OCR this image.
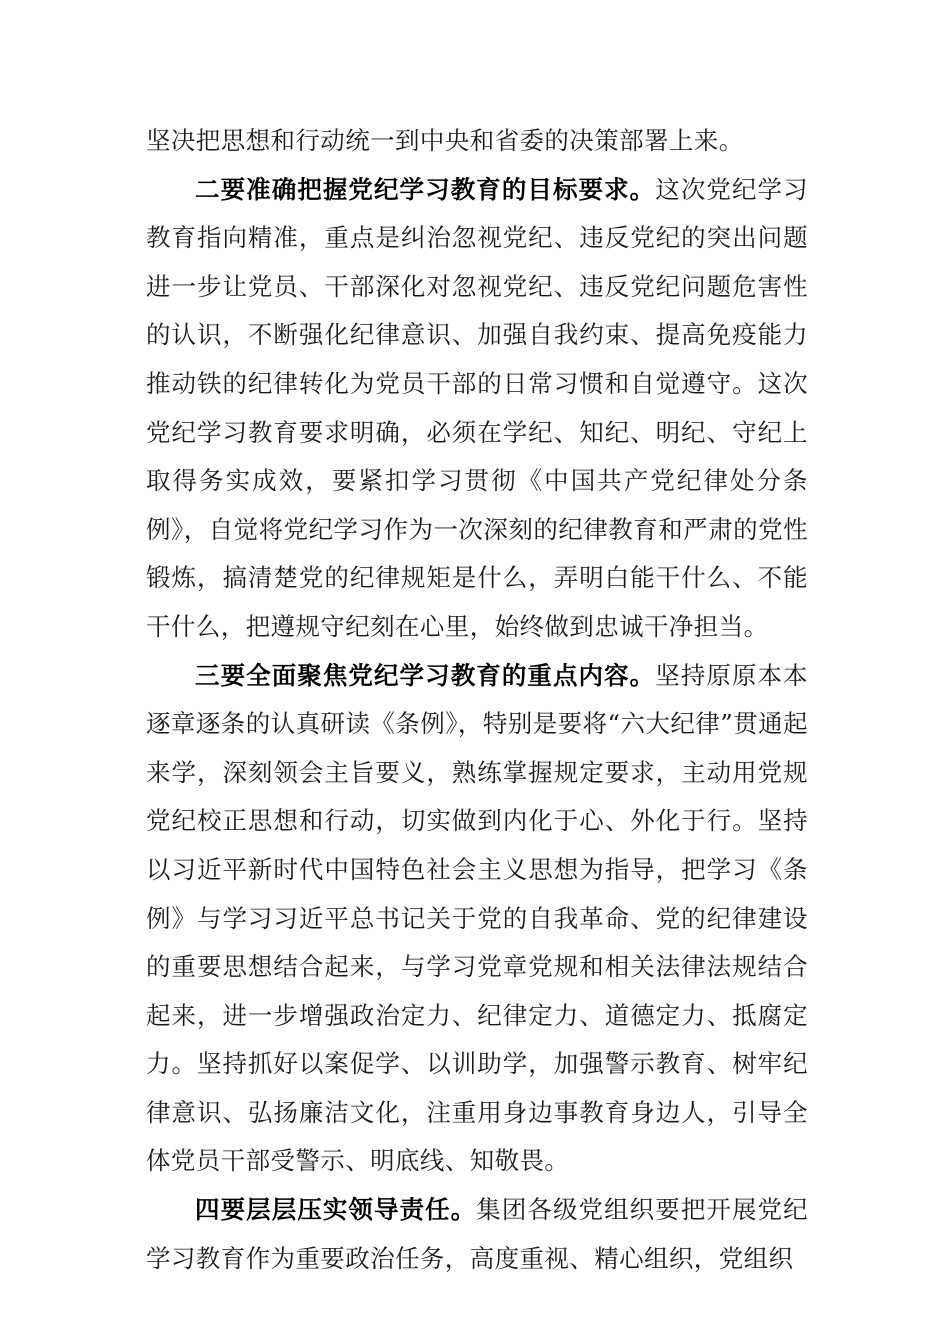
坚决把思想和行动统一到中央和省委的决策部署上来。

二要准确把握党纪学习教育的目标要求。这次党纪学习教育指向精准，重点是纠治忽视党纪、违反党纪的突出问题进一步让党员、干部深化对忽视党纪、违反党纪问题危害性的认识，不断强化纪律意识、加强自我约束、提高免疫能力推动铁的纪律转化为党员干部的日常习惯和自觉遵守。这次党纪学习教育要求明确，必须在学纪、知纪、明纪、守纪上取得务实成效，要紧扣学习贯彻《中国共产党纪律处分条例》，自觉将党纪学习作为一次深刻的纪律教育和严肃的党性锻炼，搞清楚党的纪律规矩是什么，弄明白能干什么、不能干什么，把遵规守纪刻在心里，始终做到忠诚干净担当。

三要全面聚焦党纪学习教育的重点内容。坚持原原本本逐章逐条的认真研读《条例》，特别是要将“六大纪律”贯通起来学，深刻领会主旨要义，熟练掌握规定要求，主动用党规党纪校正思想和行动，切实做到内化于心、外化于行。坚持以习近平新时代中国特色社会主义思想为指导，把学习《条例》与学习习近平总书记关于党的自我革命、党的纪律建设的重要思想结合起来，与学习党章党规和相关法律法规结合起来，进一步增强政治定力、纪律定力、道德定力、抵腐定力。坚持抓好以案促学、以训助学，加强警示教育、树牢纪律意识、弘扬廉洁文化，注重用身边事教育身边人，引导全体党员干部受警示、明底线、知敬畏。

四要层层压实领导责任。集团各级党组织要把开展党纪学习教育作为重要政治任务，高度重视、精心组织，党组织
